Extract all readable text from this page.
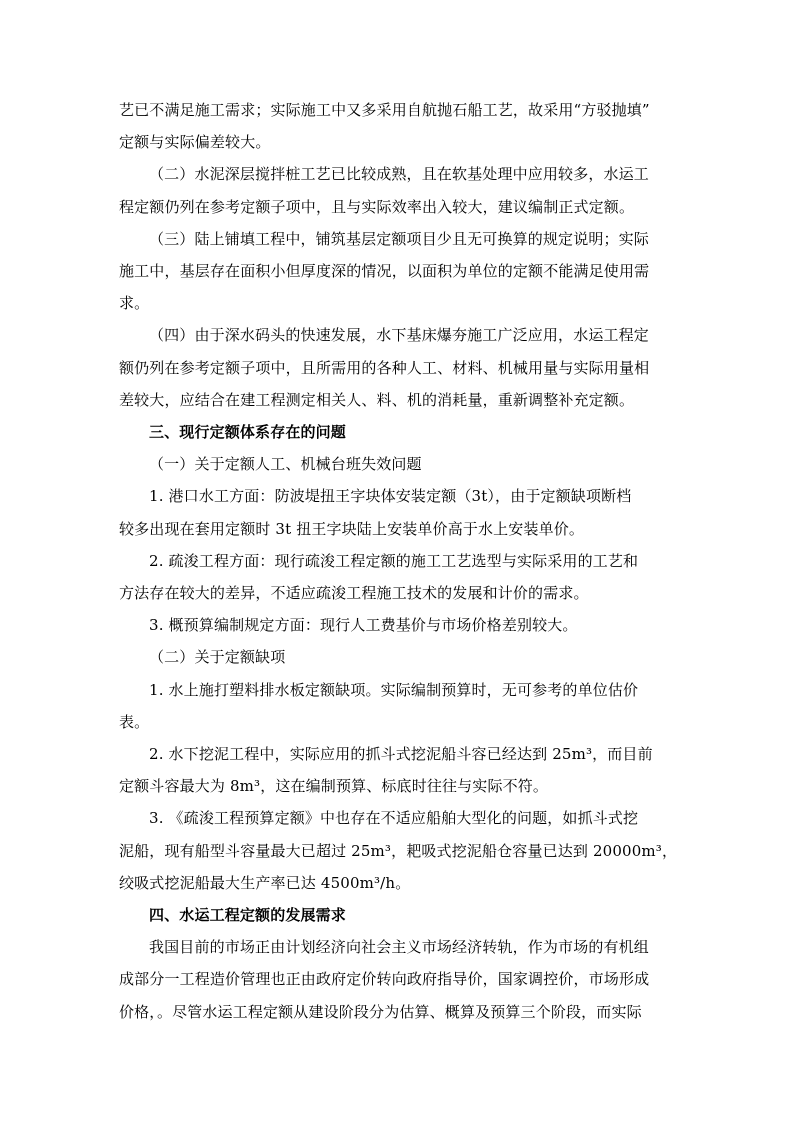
艺已不满足施工需求；实际施工中又多采用自航抛石船工艺，故采用“方驳抛填”
定额与实际偏差较大。
（二）水泥深层搅拌桩工艺已比较成熟，且在软基处理中应用较多，水运工
程定额仍列在参考定额子项中，且与实际效率出入较大，建议编制正式定额。
（三）陆上铺填工程中，铺筑基层定额项目少且无可换算的规定说明；实际
施工中，基层存在面积小但厚度深的情况，以面积为单位的定额不能满足使用需
求。
（四）由于深水码头的快速发展，水下基床爆夯施工广泛应用，水运工程定
额仍列在参考定额子项中，且所需用的各种人工、材料、机械用量与实际用量相
差较大，应结合在建工程测定相关人、料、机的消耗量，重新调整补充定额。
三、现行定额体系存在的问题
（一）关于定额人工、机械台班失效问题
1. 港口水工方面：防波堤扭王字块体安装定额（3t），由于定额缺项断档
较多出现在套用定额时 3t 扭王字块陆上安装单价高于水上安装单价。
2. 疏浚工程方面：现行疏浚工程定额的施工工艺选型与实际采用的工艺和
方法存在较大的差异，不适应疏浚工程施工技术的发展和计价的需求。
3. 概预算编制规定方面：现行人工费基价与市场价格差别较大。
（二）关于定额缺项
1. 水上施打塑料排水板定额缺项。实际编制预算时，无可参考的单位估价
表。
2. 水下挖泥工程中，实际应用的抓斗式挖泥船斗容已经达到 25m³，而目前
定额斗容最大为 8m³，这在编制预算、标底时往往与实际不符。
3. 《疏浚工程预算定额》中也存在不适应船舶大型化的问题，如抓斗式挖
泥船，现有船型斗容量最大已超过 25m³，耙吸式挖泥船仓容量已达到 20000m³，
绞吸式挖泥船最大生产率已达 4500m³/h。
四、水运工程定额的发展需求
我国目前的市场正由计划经济向社会主义市场经济转轨，作为市场的有机组
成部分一工程造价管理也正由政府定价转向政府指导价，国家调控价，市场形成
价格，。尽管水运工程定额从建设阶段分为估算、概算及预算三个阶段，而实际
